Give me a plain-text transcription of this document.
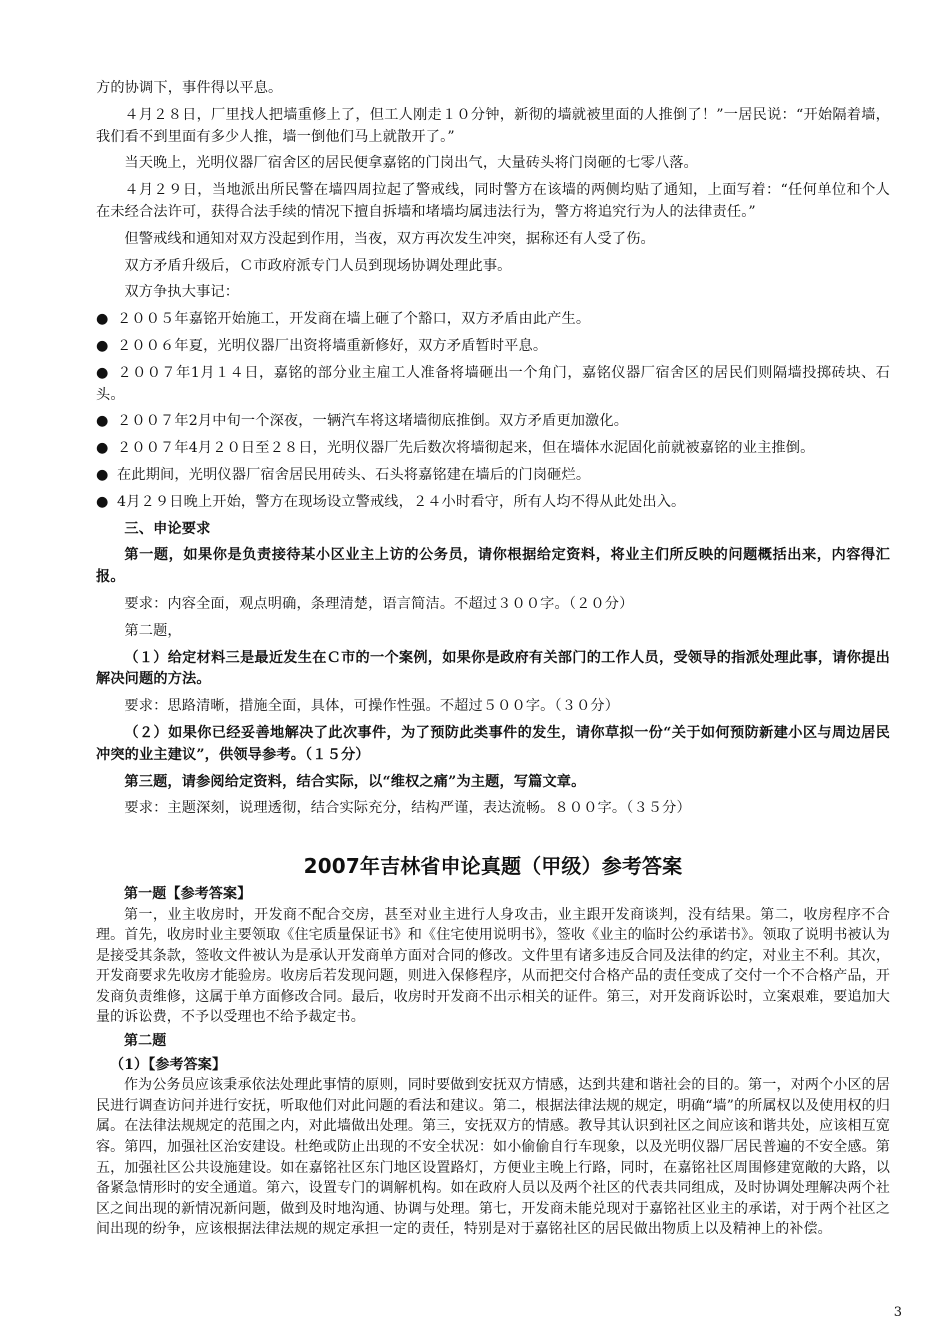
方的协调下，事件得以平息。

４月２８日，厂里找人把墙重修上了，但工人刚走１０分钟，新彻的墙就被里面的人推倒了！”一居民说：“开始隔着墙，我们看不到里面有多少人推，墙一倒他们马上就散开了。”

当天晚上，光明仪器厂宿舍区的居民便拿嘉铭的门岗出气，大量砖头将门岗砸的七零八落。

４月２９日，当地派出所民警在墙四周拉起了警戒线，同时警方在该墙的两侧均贴了通知，上面写着：“任何单位和个人在未经合法许可，获得合法手续的情况下擅自拆墙和堵墙均属违法行为，警方将追究行为人的法律责任。”

但警戒线和通知对双方没起到作用，当夜，双方再次发生冲突，据称还有人受了伤。

双方矛盾升级后，Ｃ市政府派专门人员到现场协调处理此事。

双方争执大事记：

● ２００５年嘉铭开始施工，开发商在墙上砸了个豁口，双方矛盾由此产生。

● ２００６年夏，光明仪器厂出资将墙重新修好，双方矛盾暂时平息。

● ２００７年1月１４日，嘉铭的部分业主雇工人准备将墙砸出一个角门，嘉铭仪器厂宿舍区的居民们则隔墙投掷砖块、石头。

● ２００７年2月中旬一个深夜，一辆汽车将这堵墙彻底推倒。双方矛盾更加激化。

● ２００７年4月２０日至２８日，光明仪器厂先后数次将墙彻起来，但在墙体水泥固化前就被嘉铭的业主推倒。

● 在此期间，光明仪器厂宿舍居民用砖头、石头将嘉铭建在墙后的门岗砸烂。

● 4月２９日晚上开始，警方在现场设立警戒线，２４小时看守，所有人均不得从此处出入。

三、申论要求

第一题，如果你是负责接待某小区业主上访的公务员，请你根据给定资料，将业主们所反映的问题概括出来，内容得汇报。

要求：内容全面，观点明确，条理清楚，语言简洁。不超过３００字。（２０分）

第二题，

（１）给定材料三是最近发生在Ｃ市的一个案例，如果你是政府有关部门的工作人员，受领导的指派处理此事，请你提出解决问题的方法。

要求：思路清晰，措施全面，具体，可操作性强。不超过５００字。（３０分）

（２）如果你已经妥善地解决了此次事件，为了预防此类事件的发生，请你草拟一份“关于如何预防新建小区与周边居民冲突的业主建议”，供领导参考。（１５分）

第三题，请参阅给定资料，结合实际，以“维权之痛”为主题，写篇文章。

要求：主题深刻，说理透彻，结合实际充分，结构严谨，表达流畅。８００字。（３５分）

2007年吉林省申论真题（甲级）参考答案

第一题【参考答案】

第一，业主收房时，开发商不配合交房，甚至对业主进行人身攻击，业主跟开发商谈判，没有结果。第二，收房程序不合理。首先，收房时业主要领取《住宅质量保证书》和《住宅使用说明书》，签收《业主的临时公约承诺书》。领取了说明书被认为是接受其条款，签收文件被认为是承认开发商单方面对合同的修改。文件里有诸多违反合同及法律的约定，对业主不利。其次，开发商要求先收房才能验房。收房后若发现问题，则进入保修程序，从而把交付合格产品的责任变成了交付一个不合格产品，开发商负责维修，这属于单方面修改合同。最后，收房时开发商不出示相关的证件。第三，对开发商诉讼时，立案艰难，要追加大量的诉讼费，不予以受理也不给予裁定书。

第二题

（1）【参考答案】

作为公务员应该秉承依法处理此事情的原则，同时要做到安抚双方情感，达到共建和谐社会的目的。第一，对两个小区的居民进行调查访问并进行安抚，听取他们对此问题的看法和建议。第二，根据法律法规的规定，明确“墙”的所属权以及使用权的归属。在法律法规规定的范围之内，对此墙做出处理。第三，安抚双方的情感。教导其认识到社区之间应该和谐共处，应该相互宽容。第四，加强社区治安建设。杜绝或防止出现的不安全状况：如小偷偷自行车现象，以及光明仪器厂居民普遍的不安全感。第五，加强社区公共设施建设。如在嘉铭社区东门地区设置路灯，方便业主晚上行路，同时，在嘉铭社区周围修建宽敞的大路，以备紧急情形时的安全通道。第六，设置专门的调解机构。如在政府人员以及两个社区的代表共同组成，及时协调处理解决两个社区之间出现的新情况新问题，做到及时地沟通、协调与处理。第七，开发商未能兑现对于嘉铭社区业主的承诺，对于两个社区之间出现的纷争，应该根据法律法规的规定承担一定的责任，特别是对于嘉铭社区的居民做出物质上以及精神上的补偿。

3
